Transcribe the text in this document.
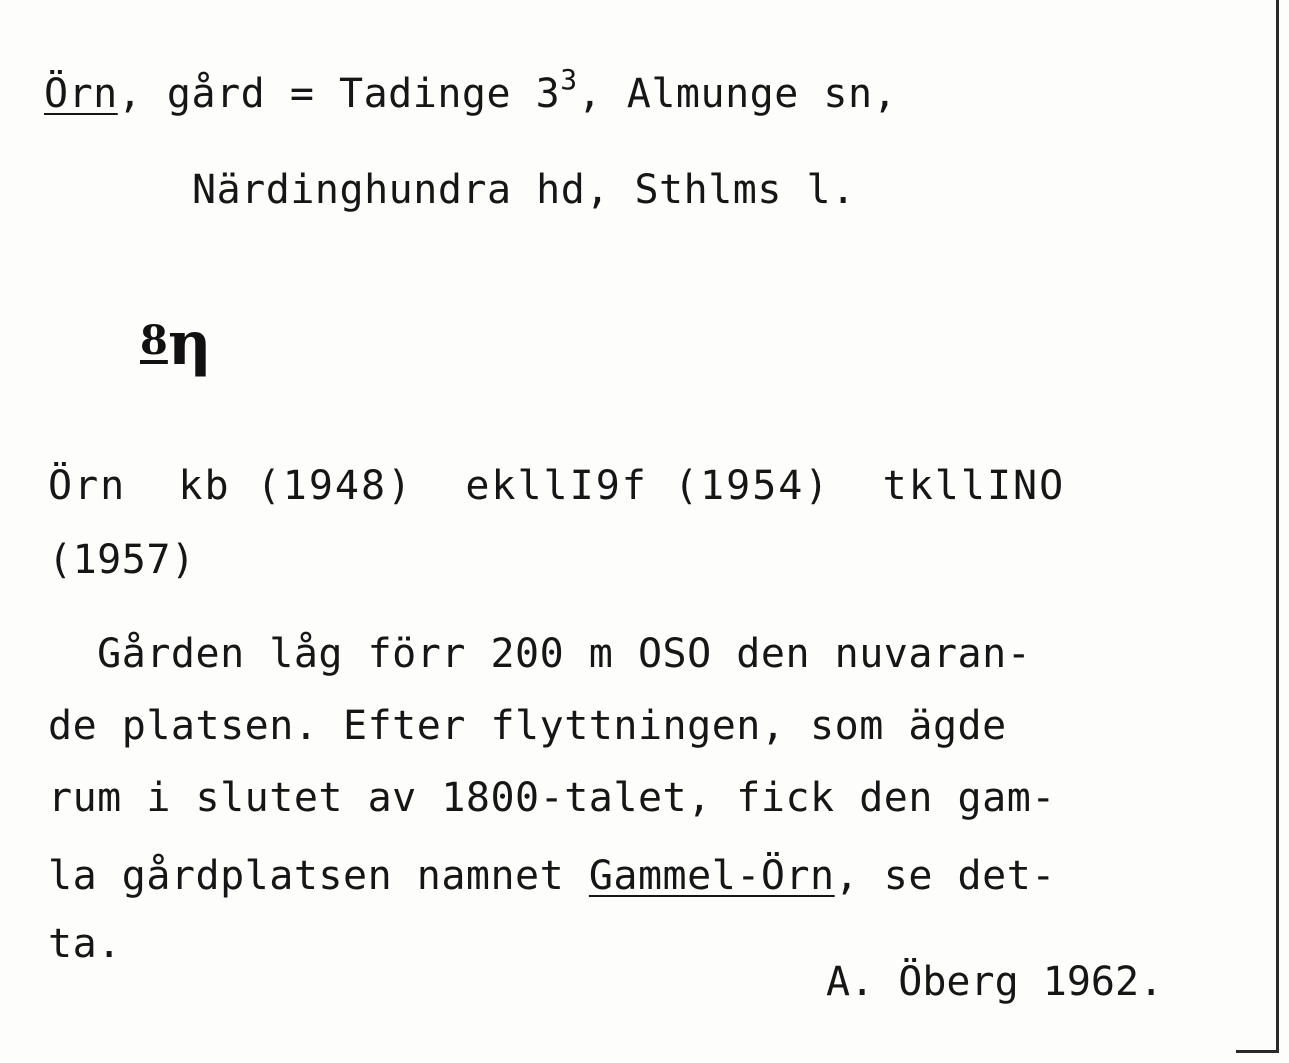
Örn, gård = Tadinge $3^3$, Almunge sn,
Närdinghundra hd, Sthlms l.
8η
Örn  kb (1948)  ekllI9f (1954)  tkllINO
(1957)
Gården låg förr 200 m OSO den nuvaran-
de platsen. Efter flyttningen, som ägde
rum i slutet av 1800-talet, fick den gam-
la gårdplatsen namnet Gammel-Örn, se det-
ta.
A. Öberg 1962.
